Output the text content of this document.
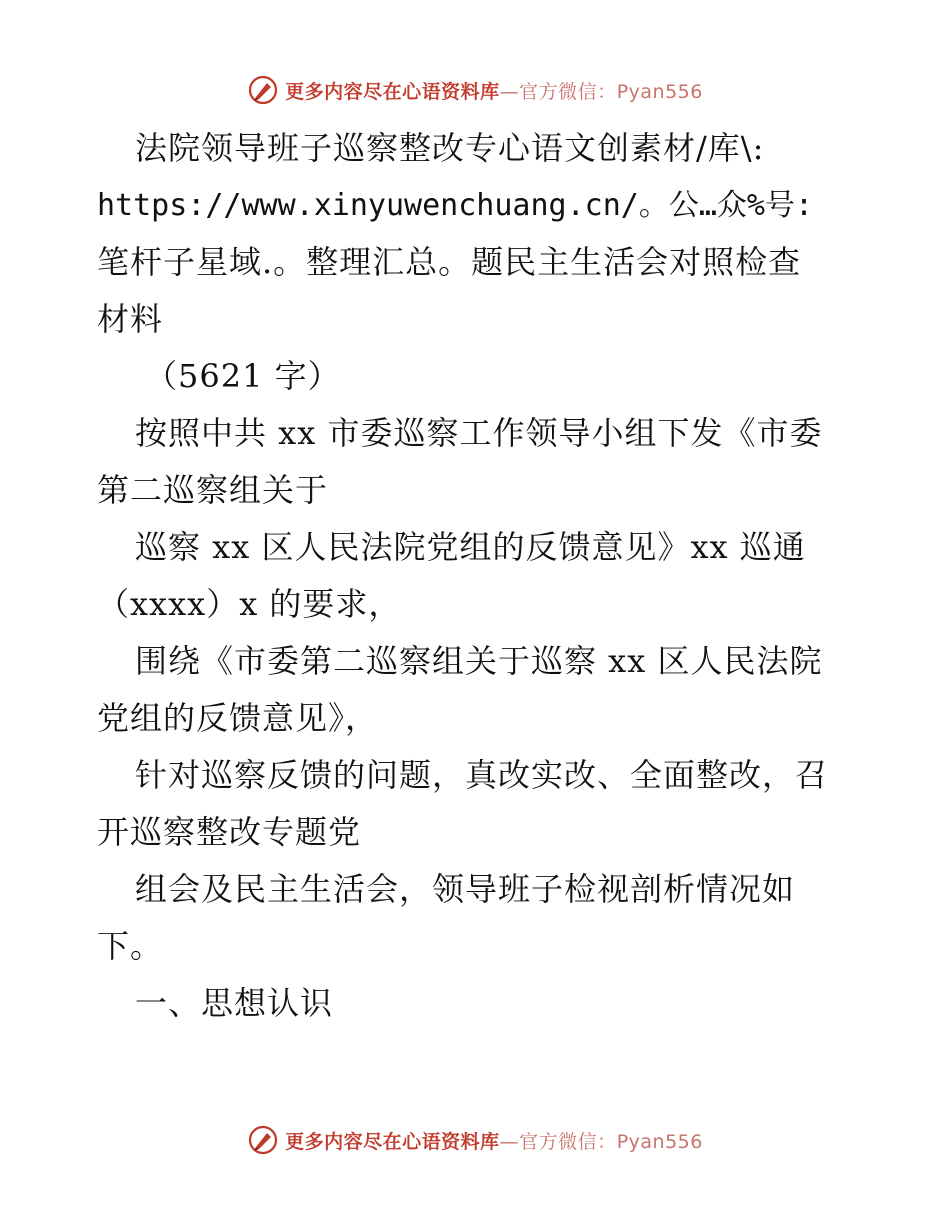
更多内容尽在心语资料库—官方微信：Pyan556
法院领导班子巡察整改专心语文创素材/库\:
https://www.xinyuwenchuang.cn/。公…众%号:
笔杆子星域.。整理汇总。题民主生活会对照检查
材料
（5621 字）
按照中共 xx 市委巡察工作领导小组下发《市委
第二巡察组关于
巡察 xx 区人民法院党组的反馈意见》xx 巡通
（xxxx）x 的要求，
围绕《市委第二巡察组关于巡察 xx 区人民法院
党组的反馈意见》，
针对巡察反馈的问题，真改实改、全面整改，召
开巡察整改专题党
组会及民主生活会，领导班子检视剖析情况如
下。
一、思想认识
更多内容尽在心语资料库—官方微信：Pyan556
